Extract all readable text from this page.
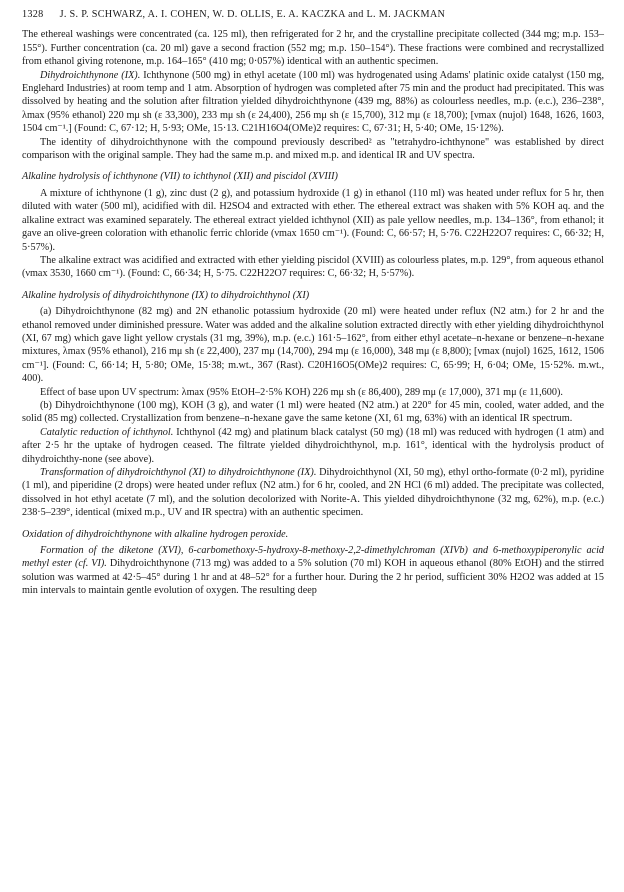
1328 J. S. P. SCHWARZ, A. I. COHEN, W. D. OLLIS, E. A. KACZKA and L. M. JACKMAN

The ethereal washings were concentrated (ca. 125 ml), then refrigerated for 2 hr, and the crystalline precipitate collected (344 mg; m.p. 153–155°). Further concentration (ca. 20 ml) gave a second fraction (552 mg; m.p. 150–154°). These fractions were combined and recrystallized from ethanol giving rotenone, m.p. 164–165° (410 mg; 0·057%) identical with an authentic specimen.

Dihydroichthynone (IX). Ichthynone (500 mg) in ethyl acetate (100 ml) was hydrogenated using Adams' platinic oxide catalyst (150 mg, Englehard Industries) at room temp and 1 atm. Absorption of hydrogen was completed after 75 min and the product had precipitated. This was dissolved by heating and the solution after filtration yielded dihydroichthynone (439 mg, 88%) as colourless needles, m.p. (e.c.), 236–238°, λmax (95% ethanol) 220 mμ sh (ε 33,300), 233 mμ sh (ε 24,400), 256 mμ sh (ε 15,700), 312 mμ (ε 18,700); [νmax (nujol) 1648, 1626, 1603, 1504 cm⁻¹.] (Found: C, 67·12; H, 5·93; OMe, 15·13. C21H16O4(OMe)2 requires: C, 67·31; H, 5·40; OMe, 15·12%).

The identity of dihydroichthynone with the compound previously described² as "tetrahydro-ichthynone" was established by direct comparison with the original sample. They had the same m.p. and mixed m.p. and identical IR and UV spectra.

Alkaline hydrolysis of ichthynone (VII) to ichthynol (XII) and piscidol (XVIII)

A mixture of ichthynone (1 g), zinc dust (2 g), and potassium hydroxide (1 g) in ethanol (110 ml) was heated under reflux for 5 hr, then diluted with water (500 ml), acidified with dil. H2SO4 and extracted with ether. The ethereal extract was shaken with 5% KOH aq. and the alkaline extract was examined separately. The ethereal extract yielded ichthynol (XII) as pale yellow needles, m.p. 134–136°, from ethanol; it gave an olive-green coloration with ethanolic ferric chloride (νmax 1650 cm⁻¹). (Found: C, 66·57; H, 5·76. C22H22O7 requires: C, 66·32; H, 5·57%).

The alkaline extract was acidified and extracted with ether yielding piscidol (XVIII) as colourless plates, m.p. 129°, from aqueous ethanol (νmax 3530, 1660 cm⁻¹). (Found: C, 66·34; H, 5·75. C22H22O7 requires: C, 66·32; H, 5·57%).

Alkaline hydrolysis of dihydroichthynone (IX) to dihydroichthynol (XI)

(a) Dihydroichthynone (82 mg) and 2N ethanolic potassium hydroxide (20 ml) were heated under reflux (N2 atm.) for 2 hr and the ethanol removed under diminished pressure. Water was added and the alkaline solution extracted directly with ether yielding dihydroichthynol (XI, 67 mg) which gave light yellow crystals (31 mg, 39%), m.p. (e.c.) 161·5–162°, from either ethyl acetate–n-hexane or benzene–n-hexane mixtures, λmax (95% ethanol), 216 mμ sh (ε 22,400), 237 mμ (14,700), 294 mμ (ε 16,000), 348 mμ (ε 8,800); [νmax (nujol) 1625, 1612, 1506 cm⁻¹]. (Found: C, 66·14; H, 5·80; OMe, 15·38; m.wt., 367 (Rast). C20H16O5(OMe)2 requires: C, 65·99; H, 6·04; OMe, 15·52%. m.wt., 400).

Effect of base upon UV spectrum: λmax (95% EtOH–2·5% KOH) 226 mμ sh (ε 86,400), 289 mμ (ε 17,000), 371 mμ (ε 11,600).

(b) Dihydroichthynone (100 mg), KOH (3 g), and water (1 ml) were heated (N2 atm.) at 220° for 45 min, cooled, water added, and the solid (85 mg) collected. Crystallization from benzene–n-hexane gave the same ketone (XI, 61 mg, 63%) with an identical IR spectrum.

Catalytic reduction of ichthynol. Ichthynol (42 mg) and platinum black catalyst (50 mg) (18 ml) was reduced with hydrogen (1 atm) and after 2·5 hr the uptake of hydrogen ceased. The filtrate yielded dihydroichthynol, m.p. 161°, identical with the hydrolysis product of dihydroichthy-none (see above).

Transformation of dihydroichthynol (XI) to dihydroichthynone (IX). Dihydroichthynol (XI, 50 mg), ethyl ortho-formate (0·2 ml), pyridine (1 ml), and piperidine (2 drops) were heated under reflux (N2 atm.) for 6 hr, cooled, and 2N HCl (6 ml) added. The precipitate was collected, dissolved in hot ethyl acetate (7 ml), and the solution decolorized with Norite-A. This yielded dihydroichthynone (32 mg, 62%), m.p. (e.c.) 238·5–239°, identical (mixed m.p., UV and IR spectra) with an authentic specimen.

Oxidation of dihydroichthynone with alkaline hydrogen peroxide.

Formation of the diketone (XVI), 6-carbomethoxy-5-hydroxy-8-methoxy-2,2-dimethylchroman (XIVb) and 6-methoxypiperonylic acid methyl ester (cf. VI). Dihydroichthynone (713 mg) was added to a 5% solution (70 ml) KOH in aqueous ethanol (80% EtOH) and the stirred solution was warmed at 42·5–45° during 1 hr and at 48–52° for a further hour. During the 2 hr period, sufficient 30% H2O2 was added at 15 min intervals to maintain gentle evolution of oxygen. The resulting deep
